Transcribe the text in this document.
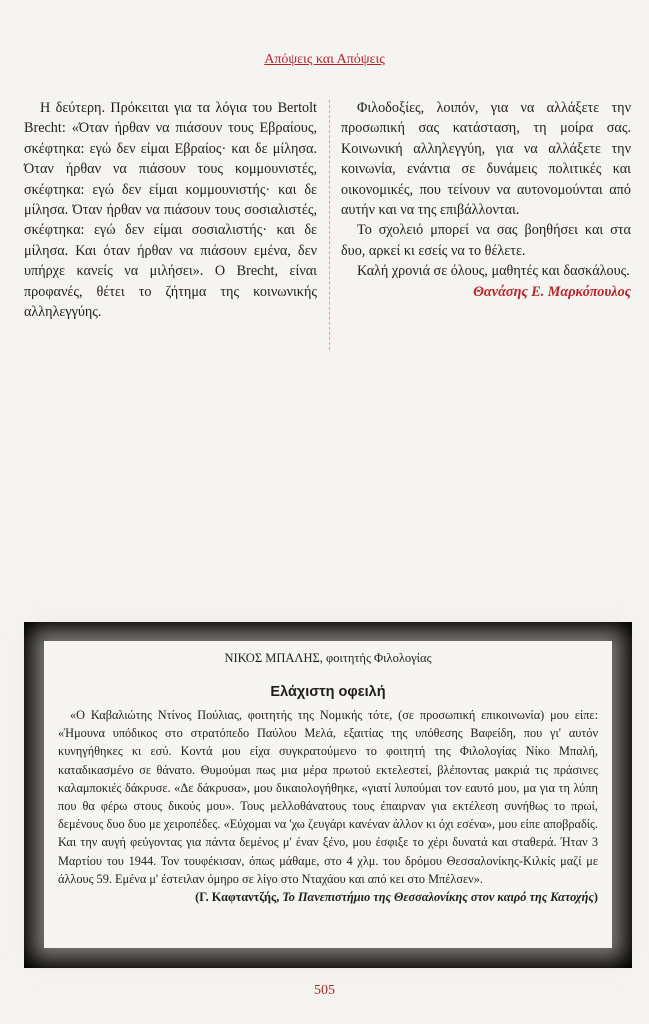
Απόψεις και Απόψεις

Η δεύτερη. Πρόκειται για τα λόγια του Bertolt Brecht: «Όταν ήρθαν να πιάσουν τους Εβραίους, σκέφτηκα: εγώ δεν είμαι Εβραίος· και δε μίλησα. Όταν ήρθαν να πιάσουν τους κομμουνιστές, σκέφτηκα: εγώ δεν είμαι κομμουνιστής· και δε μίλησα. Όταν ήρθαν να πιάσουν τους σοσιαλιστές, σκέφτηκα: εγώ δεν είμαι σοσιαλιστής· και δε μίλησα. Και όταν ήρθαν να πιάσουν εμένα, δεν υπήρχε κανείς να μιλήσει». Ο Brecht, είναι προφανές, θέτει το ζήτημα της κοινωνικής αλληλεγγύης.

Φιλοδοξίες, λοιπόν, για να αλλάξετε την προσωπική σας κατάσταση, τη μοίρα σας. Κοινωνική αλληλεγγύη, για να αλλάξετε την κοινωνία, ενάντια σε δυνάμεις πολιτικές και οικονομικές, που τείνουν να αυτονομούνται από αυτήν και να της επιβάλλονται.

Το σχολειό μπορεί να σας βοηθήσει και στα δυο, αρκεί κι εσείς να το θέλετε.

Καλή χρονιά σε όλους, μαθητές και δασκάλους.

Θανάσης Ε. Μαρκόπουλος

ΝΙΚΟΣ ΜΠΑΛΗΣ, φοιτητής Φιλολογίας
Ελάχιστη οφειλή
«Ο Καβαλιώτης Ντίνος Πούλιας, φοιτητής της Νομικής τότε, (σε προσωπική επικοινωνία) μου είπε: «Ήμουνα υπόδικος στο στρατόπεδο Παύλου Μελά, εξαιτίας της υπόθεσης Βαφείδη, που γι' αυτόν κυνηγήθηκες κι εσύ. Κοντά μου είχα συγκρατούμενο το φοιτητή της Φιλολογίας Νίκο Μπαλή, καταδικασμένο σε θάνατο. Θυμούμαι πως μια μέρα πρωτού εκτελεστεί, βλέποντας μακριά τις πράσινες καλαμποκιές δάκρυσε. «Δε δάκρυσα», μου δικαιολογήθηκε, «γιατί λυπούμαι τον εαυτό μου, μα για τη λύπη που θα φέρω στους δικούς μου». Τους μελλοθάνατους τους έπαιρναν για εκτέλεση συνήθως το πρωί, δεμένους δυο δυο με χειροπέδες. «Εύχομαι να 'χω ζευγάρι κανέναν άλλον κι όχι εσένα», μου είπε αποβραδίς. Και την αυγή φεύγοντας για πάντα δεμένος μ' έναν ξένο, μου έσφιξε το χέρι δυνατά και σταθερά. Ήταν 3 Μαρτίου του 1944. Τον τουφέκισαν, όπως μάθαμε, στο 4 χλμ. του δρόμου Θεσσαλονίκης-Κιλκίς μαζί με άλλους 59. Εμένα μ' έστειλαν όμηρο σε λίγο στο Νταχάου και από κει στο Μπέλσεν».
(Γ. Καφταντζής, Το Πανεπιστήμιο της Θεσσαλονίκης στον καιρό της Κατοχής)
505
